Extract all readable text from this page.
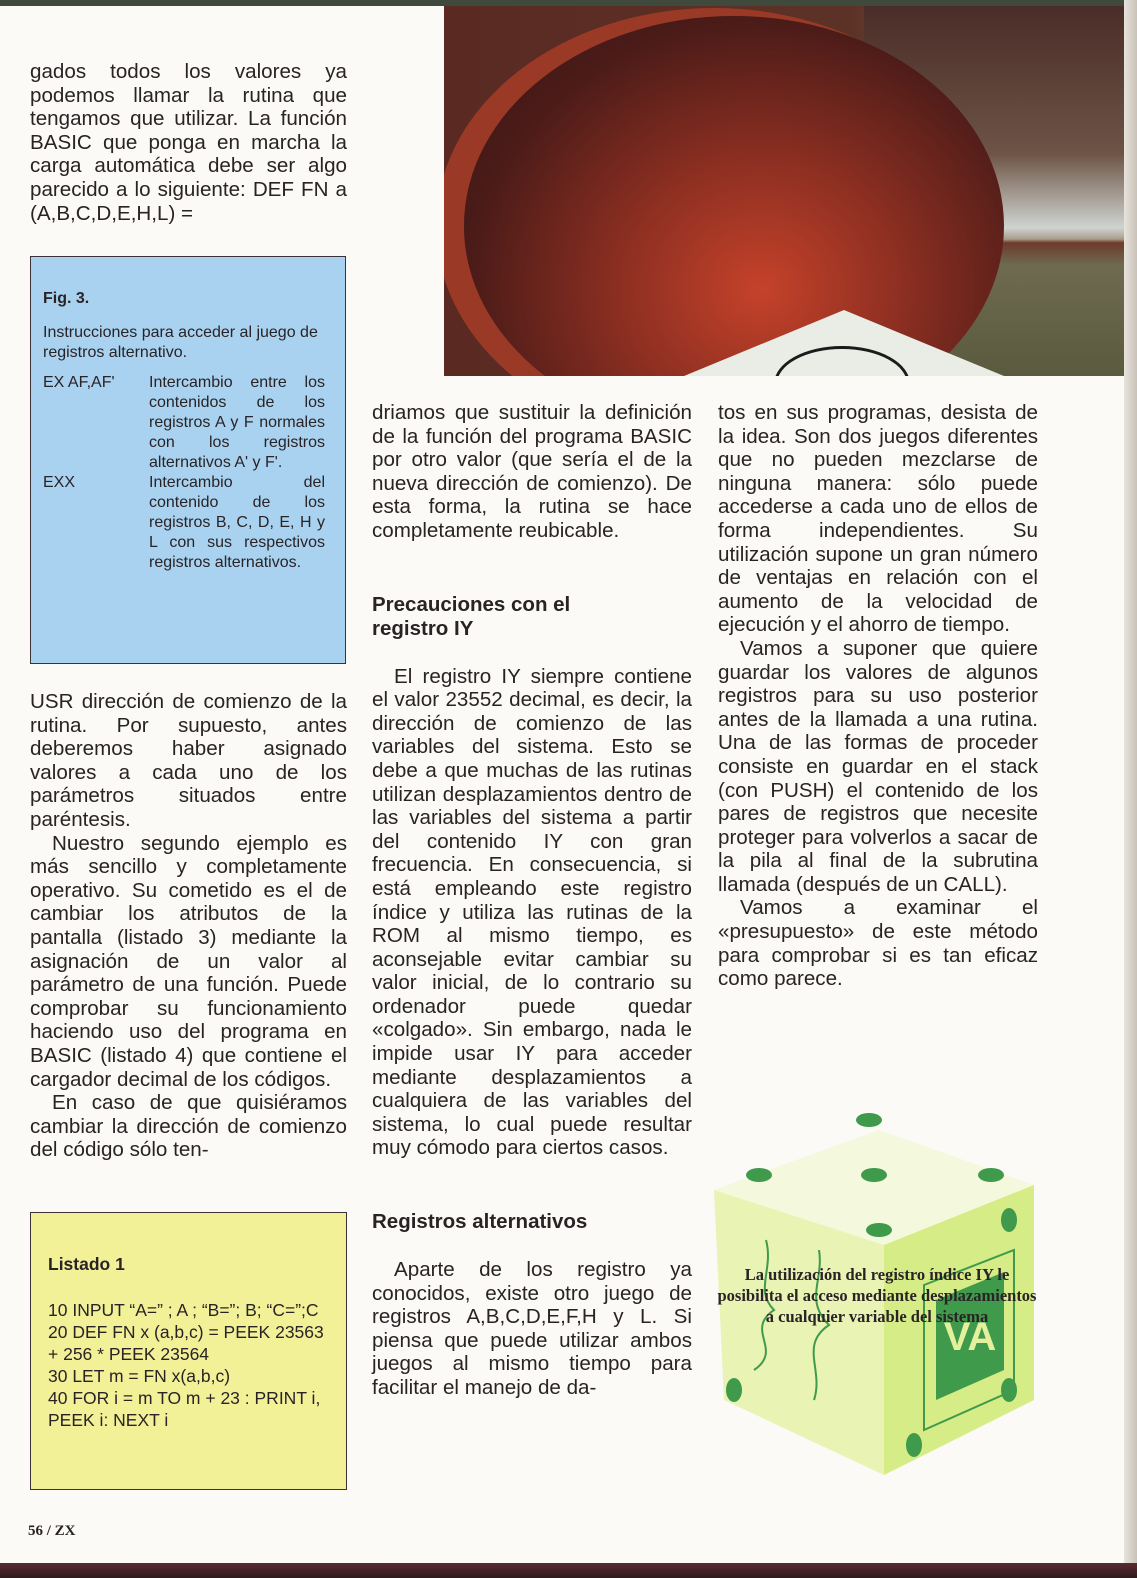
gados todos los valores ya podemos llamar la rutina que tengamos que utilizar. La función BASIC que ponga en marcha la carga automática debe ser algo parecido a lo siguiente: DEF FN a (A,B,C,D,E,H,L) =

Fig. 3.
Instrucciones para acceder al juego de registros alternativo.
EX AF,AF'	Intercambio entre los contenidos de los registros A y F normales con los registros alternativos A' y F'.
EXX	Intercambio del contenido de los registros B, C, D, E, H y L con sus respectivos registros alternativos.

USR dirección de comienzo de la rutina. Por supuesto, antes deberemos haber asignado valores a cada uno de los parámetros situados entre paréntesis.

Nuestro segundo ejemplo es más sencillo y completamente operativo. Su cometido es el de cambiar los atributos de la pantalla (listado 3) mediante la asignación de un valor al parámetro de una función. Puede comprobar su funcionamiento haciendo uso del programa en BASIC (listado 4) que contiene el cargador decimal de los códigos.

En caso de que quisiéramos cambiar la dirección de comienzo del código sólo ten-

Listado 1
10 INPUT “A=” ; A ; “B=”; B; “C=”;C
20 DEF FN x (a,b,c) = PEEK 23563 + 256 * PEEK 23564
30 LET m = FN x(a,b,c)
40 FOR i = m TO m + 23 : PRINT i, PEEK i: NEXT i

driamos que sustituir la definición de la función del programa BASIC por otro valor (que sería el de la nueva dirección de comienzo). De esta forma, la rutina se hace completamente reubicable.

Precauciones con el registro IY

El registro IY siempre contiene el valor 23552 decimal, es decir, la dirección de comienzo de las variables del sistema. Esto se debe a que muchas de las rutinas utilizan desplazamientos dentro de las variables del sistema a partir del contenido IY con gran frecuencia. En consecuencia, si está empleando este registro índice y utiliza las rutinas de la ROM al mismo tiempo, es aconsejable evitar cambiar su valor inicial, de lo contrario su ordenador puede quedar «colgado». Sin embargo, nada le impide usar IY para acceder mediante desplazamientos a cualquiera de las variables del sistema, lo cual puede resultar muy cómodo para ciertos casos.

Registros alternativos

Aparte de los registro ya conocidos, existe otro juego de registros A,B,C,D,E,F,H y L. Si piensa que puede utilizar ambos juegos al mismo tiempo para facilitar el manejo de da-

tos en sus programas, desista de la idea. Son dos juegos diferentes que no pueden mezclarse de ninguna manera: sólo puede accederse a cada uno de ellos de forma independientes. Su utilización supone un gran número de ventajas en relación con el aumento de la velocidad de ejecución y el ahorro de tiempo.

Vamos a suponer que quiere guardar los valores de algunos registros para su uso posterior antes de la llamada a una rutina. Una de las formas de proceder consiste en guardar en el stack (con PUSH) el contenido de los pares de registros que necesite proteger para volverlos a sacar de la pila al final de la subrutina llamada (después de un CALL).

Vamos a examinar el «presupuesto» de este método para comprobar si es tan eficaz como parece.

VA
La utilización del registro índice IY le posibilita el acceso mediante desplazamientos a cualquier variable del sistema
56 / ZX
